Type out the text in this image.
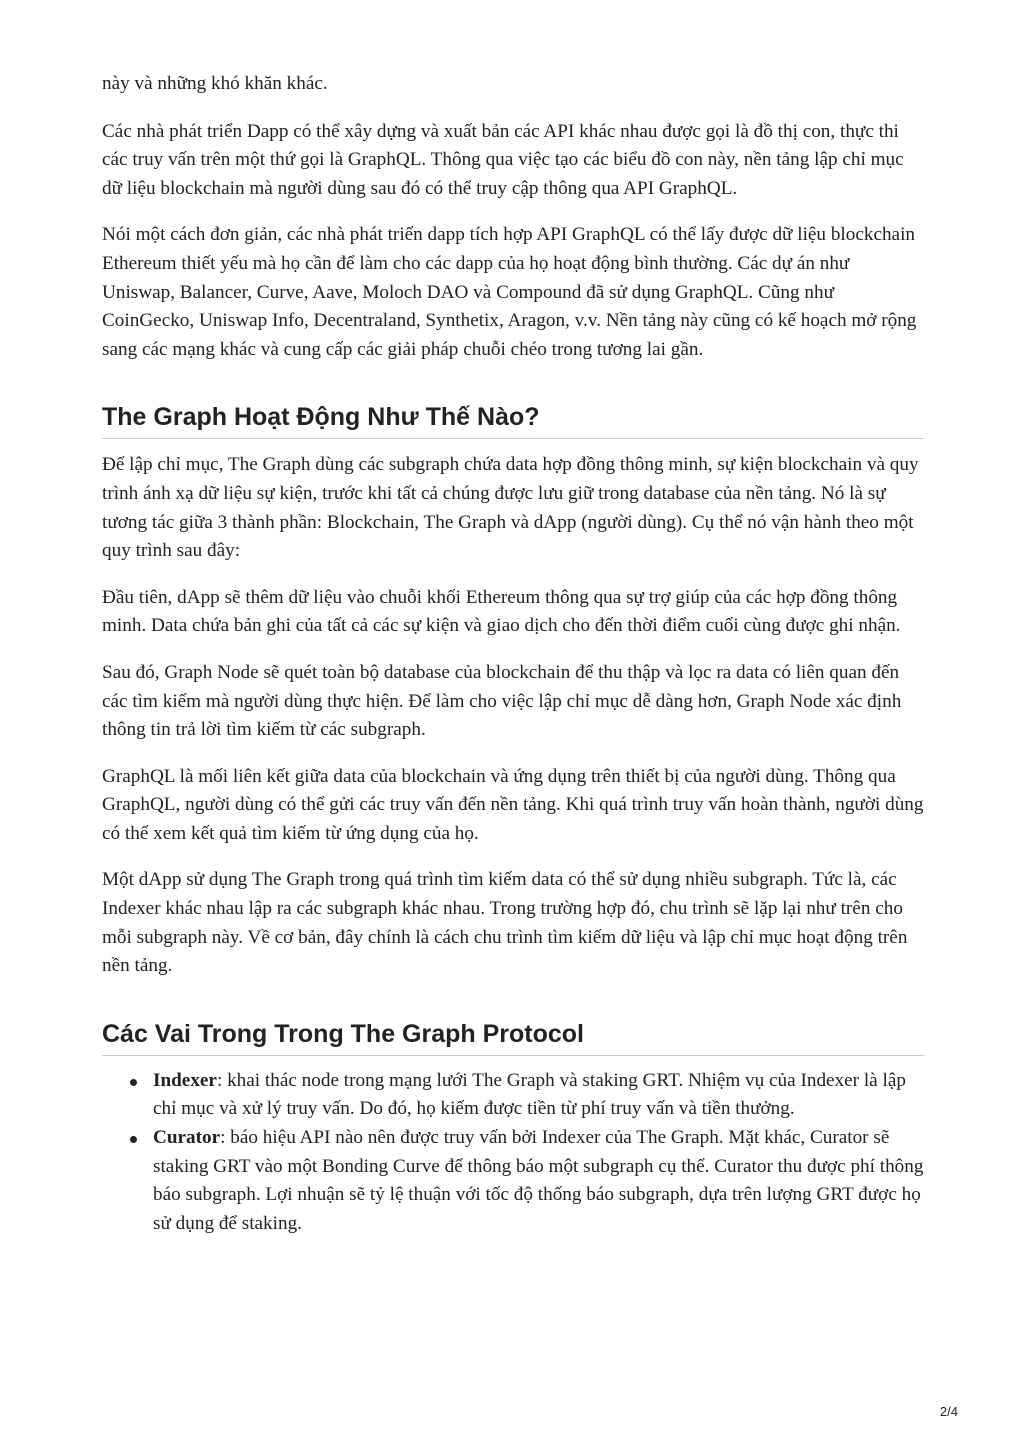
này và những khó khăn khác.

Các nhà phát triển Dapp có thể xây dựng và xuất bản các API khác nhau được gọi là đồ thị con, thực thi các truy vấn trên một thứ gọi là GraphQL. Thông qua việc tạo các biểu đồ con này, nền tảng lập chỉ mục dữ liệu blockchain mà người dùng sau đó có thể truy cập thông qua API GraphQL.

Nói một cách đơn giản, các nhà phát triển dapp tích hợp API GraphQL có thể lấy được dữ liệu blockchain Ethereum thiết yếu mà họ cần để làm cho các dapp của họ hoạt động bình thường. Các dự án như Uniswap, Balancer, Curve, Aave, Moloch DAO và Compound đã sử dụng GraphQL. Cũng như CoinGecko, Uniswap Info, Decentraland, Synthetix, Aragon, v.v. Nền tảng này cũng có kế hoạch mở rộng sang các mạng khác và cung cấp các giải pháp chuỗi chéo trong tương lai gần.

The Graph Hoạt Động Như Thế Nào?

Để lập chỉ mục, The Graph dùng các subgraph chứa data hợp đồng thông minh, sự kiện blockchain và quy trình ánh xạ dữ liệu sự kiện, trước khi tất cả chúng được lưu giữ trong database của nền tảng. Nó là sự tương tác giữa 3 thành phần: Blockchain, The Graph và dApp (người dùng). Cụ thể nó vận hành theo một quy trình sau đây:

Đầu tiên, dApp sẽ thêm dữ liệu vào chuỗi khối Ethereum thông qua sự trợ giúp của các hợp đồng thông minh. Data chứa bản ghi của tất cả các sự kiện và giao dịch cho đến thời điểm cuối cùng được ghi nhận.

Sau đó, Graph Node sẽ quét toàn bộ database của blockchain để thu thập và lọc ra data có liên quan đến các tìm kiếm mà người dùng thực hiện. Để làm cho việc lập chỉ mục dễ dàng hơn, Graph Node xác định thông tin trả lời tìm kiếm từ các subgraph.

GraphQL là mối liên kết giữa data của blockchain và ứng dụng trên thiết bị của người dùng. Thông qua GraphQL, người dùng có thể gửi các truy vấn đến nền tảng. Khi quá trình truy vấn hoàn thành, người dùng có thể xem kết quả tìm kiếm từ ứng dụng của họ.

Một dApp sử dụng The Graph trong quá trình tìm kiếm data có thể sử dụng nhiều subgraph. Tức là, các Indexer khác nhau lập ra các subgraph khác nhau. Trong trường hợp đó, chu trình sẽ lặp lại như trên cho mỗi subgraph này. Về cơ bản, đây chính là cách chu trình tìm kiếm dữ liệu và lập chỉ mục hoạt động trên nền tảng.

Các Vai Trong Trong The Graph Protocol
Indexer: khai thác node trong mạng lưới The Graph và staking GRT. Nhiệm vụ của Indexer là lập chỉ mục và xử lý truy vấn. Do đó, họ kiếm được tiền từ phí truy vấn và tiền thưởng.
Curator: báo hiệu API nào nên được truy vấn bởi Indexer của The Graph. Mặt khác, Curator sẽ staking GRT vào một Bonding Curve để thông báo một subgraph cụ thể. Curator thu được phí thông báo subgraph. Lợi nhuận sẽ tỷ lệ thuận với tốc độ thống báo subgraph, dựa trên lượng GRT được họ sử dụng để staking.
2/4
